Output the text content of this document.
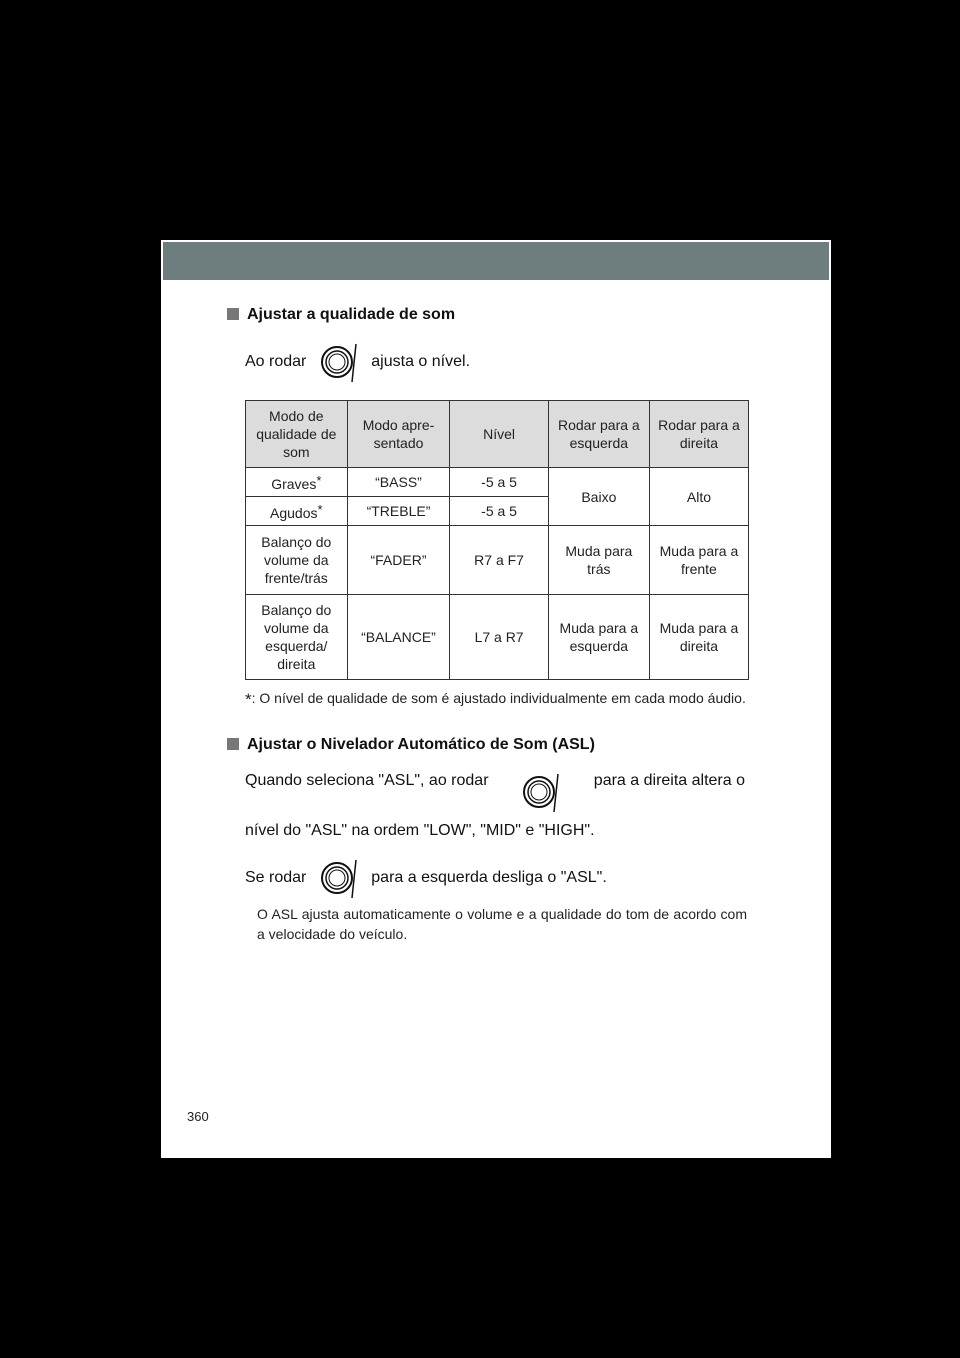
Ajustar a qualidade de som
Ao rodar	ajusta o nível.
Modo de qualidade de som	Modo apre-sentado	Nível	Rodar para a esquerda	Rodar para a direita
Graves*	“BASS”	-5 a 5	Baixo	Alto
Agudos*	“TREBLE”	-5 a 5		
Balanço do volume da frente/trás	“FADER”	R7 a F7	Muda para trás	Muda para a frente
Balanço do volume da esquerda/ direita	“BALANCE”	L7 a R7	Muda para a esquerda	Muda para a direita
*: O nível de qualidade de som é ajustado individualmente em cada modo áudio.
Ajustar o Nivelador Automático de Som (ASL)
Quando seleciona "ASL", ao rodar	para a direita altera o
nível do "ASL" na ordem "LOW", "MID" e "HIGH".
Se rodar	para a esquerda desliga o "ASL".
O ASL ajusta automaticamente o volume e a qualidade do tom de acordo com a velocidade do veículo.
360
